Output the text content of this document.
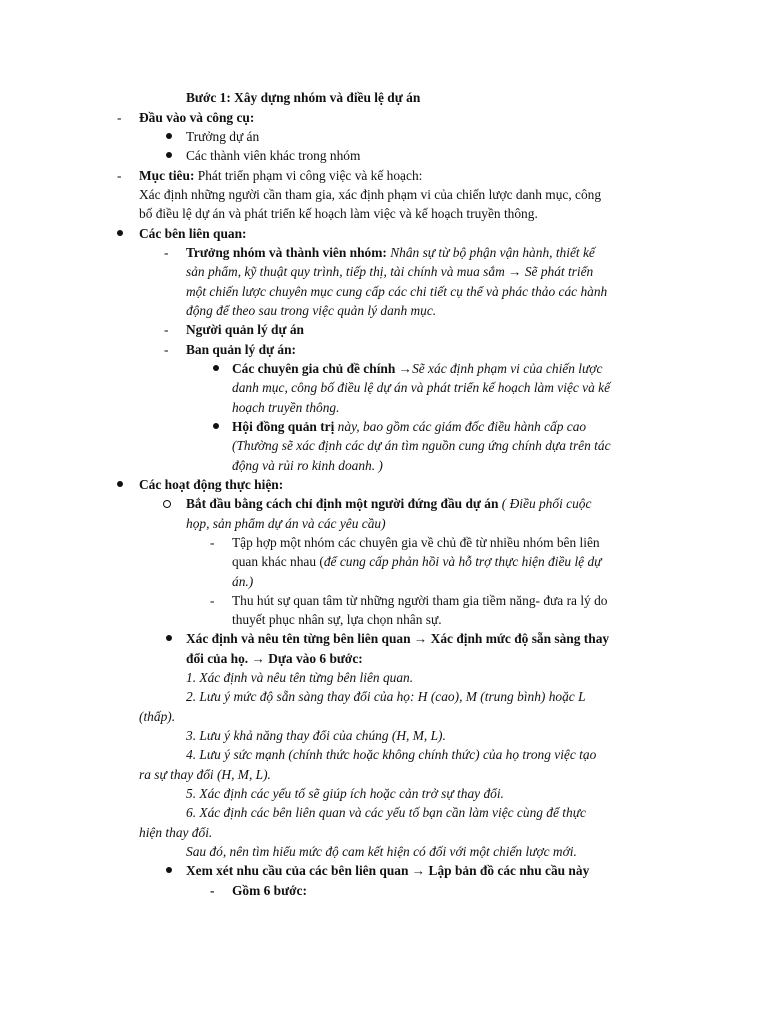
Bước 1: Xây dựng nhóm và điều lệ dự án
- Đầu vào và công cụ:
Trưởng dự án
Các thành viên khác trong nhóm
- Mục tiêu: Phát triển phạm vi công việc và kế hoạch:
Xác định những người cần tham gia, xác định phạm vi của chiến lược danh mục, công
bố điều lệ dự án và phát triển kế hoạch làm việc và kế hoạch truyền thông.
Các bên liên quan:
- Trưởng nhóm và thành viên nhóm: Nhân sự từ bộ phận vận hành, thiết kế
sản phẩm, kỹ thuật quy trình, tiếp thị, tài chính và mua sắm → Sẽ phát triển
một chiến lược chuyên mục cung cấp các chi tiết cụ thể và phác thảo các hành
động để theo sau trong việc quản lý danh mục.
- Người quản lý dự án
- Ban quản lý dự án:
Các chuyên gia chủ đề chính →Sẽ xác định phạm vi của chiến lược
danh mục, công bố điều lệ dự án và phát triển kế hoạch làm việc và kế
hoạch truyền thông.
Hội đồng quản trị này, bao gồm các giám đốc điều hành cấp cao
(Thường sẽ xác định các dự án tìm nguồn cung ứng chính dựa trên tác
động và rủi ro kinh doanh. )
Các hoạt động thực hiện:
Bắt đầu bằng cách chỉ định một người đứng đầu dự án ( Điều phối cuộc
họp, sản phẩm dự án và các yêu cầu)
- Tập hợp một nhóm các chuyên gia về chủ đề từ nhiều nhóm bên liên
quan khác nhau (để cung cấp phản hồi và hỗ trợ thực hiện điều lệ dự
án.)
- Thu hút sự quan tâm từ những người tham gia tiềm năng- đưa ra lý do
thuyết phục nhân sự, lựa chọn nhân sự.
Xác định và nêu tên từng bên liên quan → Xác định mức độ sẵn sàng thay
đổi của họ. → Dựa vào 6 bước:
1. Xác định và nêu tên từng bên liên quan.
2. Lưu ý mức độ sẵn sàng thay đổi của họ: H (cao), M (trung bình) hoặc L
(thấp).
3. Lưu ý khả năng thay đổi của chúng (H, M, L).
4. Lưu ý sức mạnh (chính thức hoặc không chính thức) của họ trong việc tạo
ra sự thay đổi (H, M, L).
5. Xác định các yếu tố sẽ giúp ích hoặc cản trở sự thay đổi.
6. Xác định các bên liên quan và các yếu tố bạn cần làm việc cùng để thực
hiện thay đổi.
Sau đó, nên tìm hiểu mức độ cam kết hiện có đối với một chiến lược mới.
Xem xét nhu cầu của các bên liên quan → Lập bản đồ các nhu cầu này
- Gồm 6 bước:
